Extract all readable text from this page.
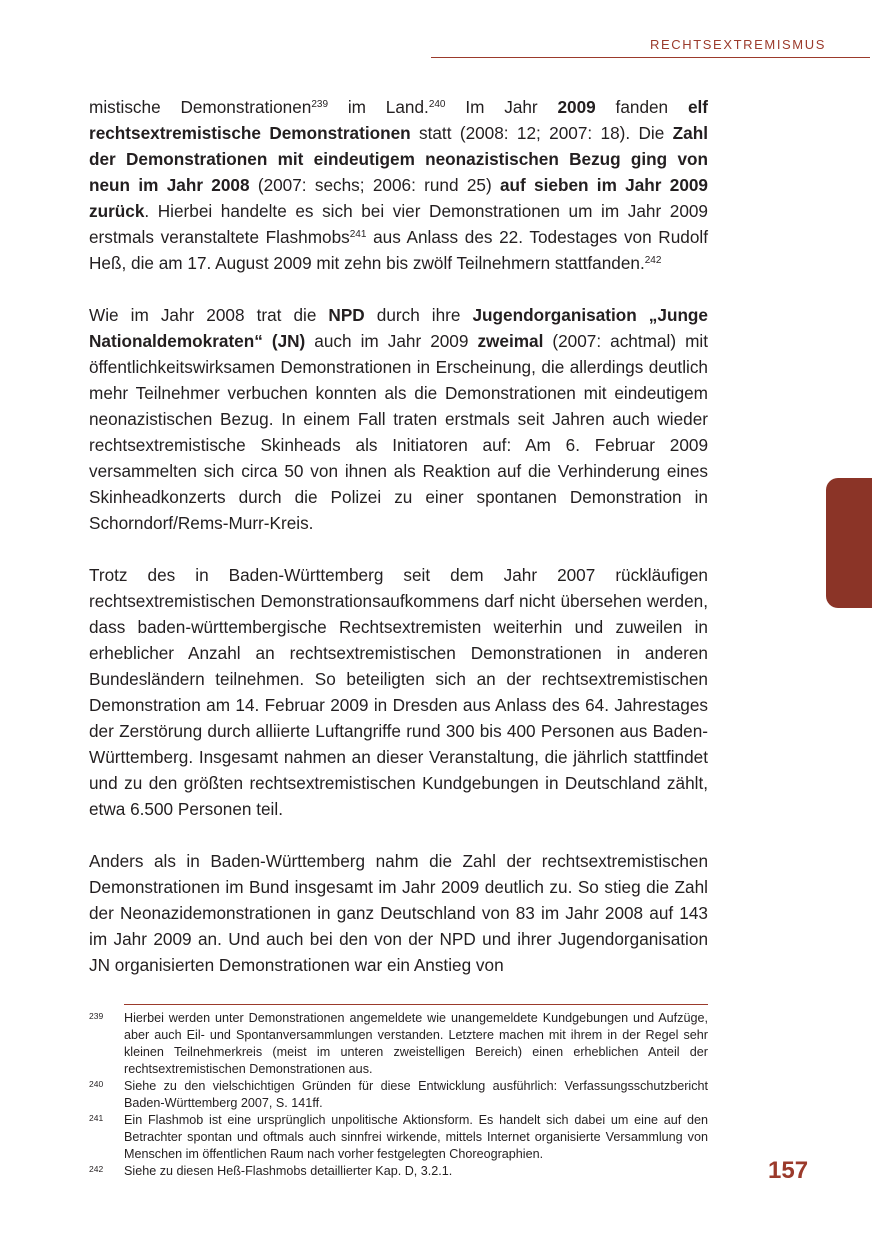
RECHTSEXTREMISMUS

mistische Demonstrationen$^{239}$ im Land.$^{240}$ Im Jahr 2009 fanden elf rechtsextremistische Demonstrationen statt (2008: 12; 2007: 18). Die Zahl der Demonstrationen mit eindeutigem neonazistischen Bezug ging von neun im Jahr 2008 (2007: sechs; 2006: rund 25) auf sieben im Jahr 2009 zurück. Hierbei handelte es sich bei vier Demonstrationen um im Jahr 2009 erstmals veranstaltete Flashmobs$^{241}$ aus Anlass des 22. Todestages von Rudolf Heß, die am 17. August 2009 mit zehn bis zwölf Teilnehmern stattfanden.$^{242}$

Wie im Jahr 2008 trat die NPD durch ihre Jugendorganisation „Junge Nationaldemokraten“ (JN) auch im Jahr 2009 zweimal (2007: achtmal) mit öffentlichkeitswirksamen Demonstrationen in Erscheinung, die allerdings deutlich mehr Teilnehmer verbuchen konnten als die Demonstrationen mit eindeutigem neonazistischen Bezug. In einem Fall traten erstmals seit Jahren auch wieder rechtsextremistische Skinheads als Initiatoren auf: Am 6. Februar 2009 versammelten sich circa 50 von ihnen als Reaktion auf die Verhinderung eines Skinheadkonzerts durch die Polizei zu einer spontanen Demonstration in Schorndorf/Rems-Murr-Kreis.

Trotz des in Baden-Württemberg seit dem Jahr 2007 rückläufigen rechtsextremistischen Demonstrationsaufkommens darf nicht übersehen werden, dass baden-württembergische Rechtsextremisten weiterhin und zuweilen in erheblicher Anzahl an rechtsextremistischen Demonstrationen in anderen Bundesländern teilnehmen. So beteiligten sich an der rechtsextremistischen Demonstration am 14. Februar 2009 in Dresden aus Anlass des 64. Jahrestages der Zerstörung durch alliierte Luftangriffe rund 300 bis 400 Personen aus Baden-Württemberg. Insgesamt nahmen an dieser Veranstaltung, die jährlich stattfindet und zu den größten rechtsextremistischen Kundgebungen in Deutschland zählt, etwa 6.500 Personen teil.

Anders als in Baden-Württemberg nahm die Zahl der rechtsextremistischen Demonstrationen im Bund insgesamt im Jahr 2009 deutlich zu. So stieg die Zahl der Neonazidemonstrationen in ganz Deutschland von 83 im Jahr 2008 auf 143 im Jahr 2009 an. Und auch bei den von der NPD und ihrer Jugendorganisation JN organisierten Demonstrationen war ein Anstieg von

239 Hierbei werden unter Demonstrationen angemeldete wie unangemeldete Kundgebungen und Aufzüge, aber auch Eil- und Spontanversammlungen verstanden. Letztere machen mit ihrem in der Regel sehr kleinen Teilnehmerkreis (meist im unteren zweistelligen Bereich) einen erheblichen Anteil der rechtsextremistischen Demonstrationen aus.
240 Siehe zu den vielschichtigen Gründen für diese Entwicklung ausführlich: Verfassungsschutzbericht Baden-Württemberg 2007, S. 141ff.
241 Ein Flashmob ist eine ursprünglich unpolitische Aktionsform. Es handelt sich dabei um eine auf den Betrachter spontan und oftmals auch sinnfrei wirkende, mittels Internet organisierte Versammlung von Menschen im öffentlichen Raum nach vorher festgelegten Choreographien.
242 Siehe zu diesen Heß-Flashmobs detaillierter Kap. D, 3.2.1.	157
